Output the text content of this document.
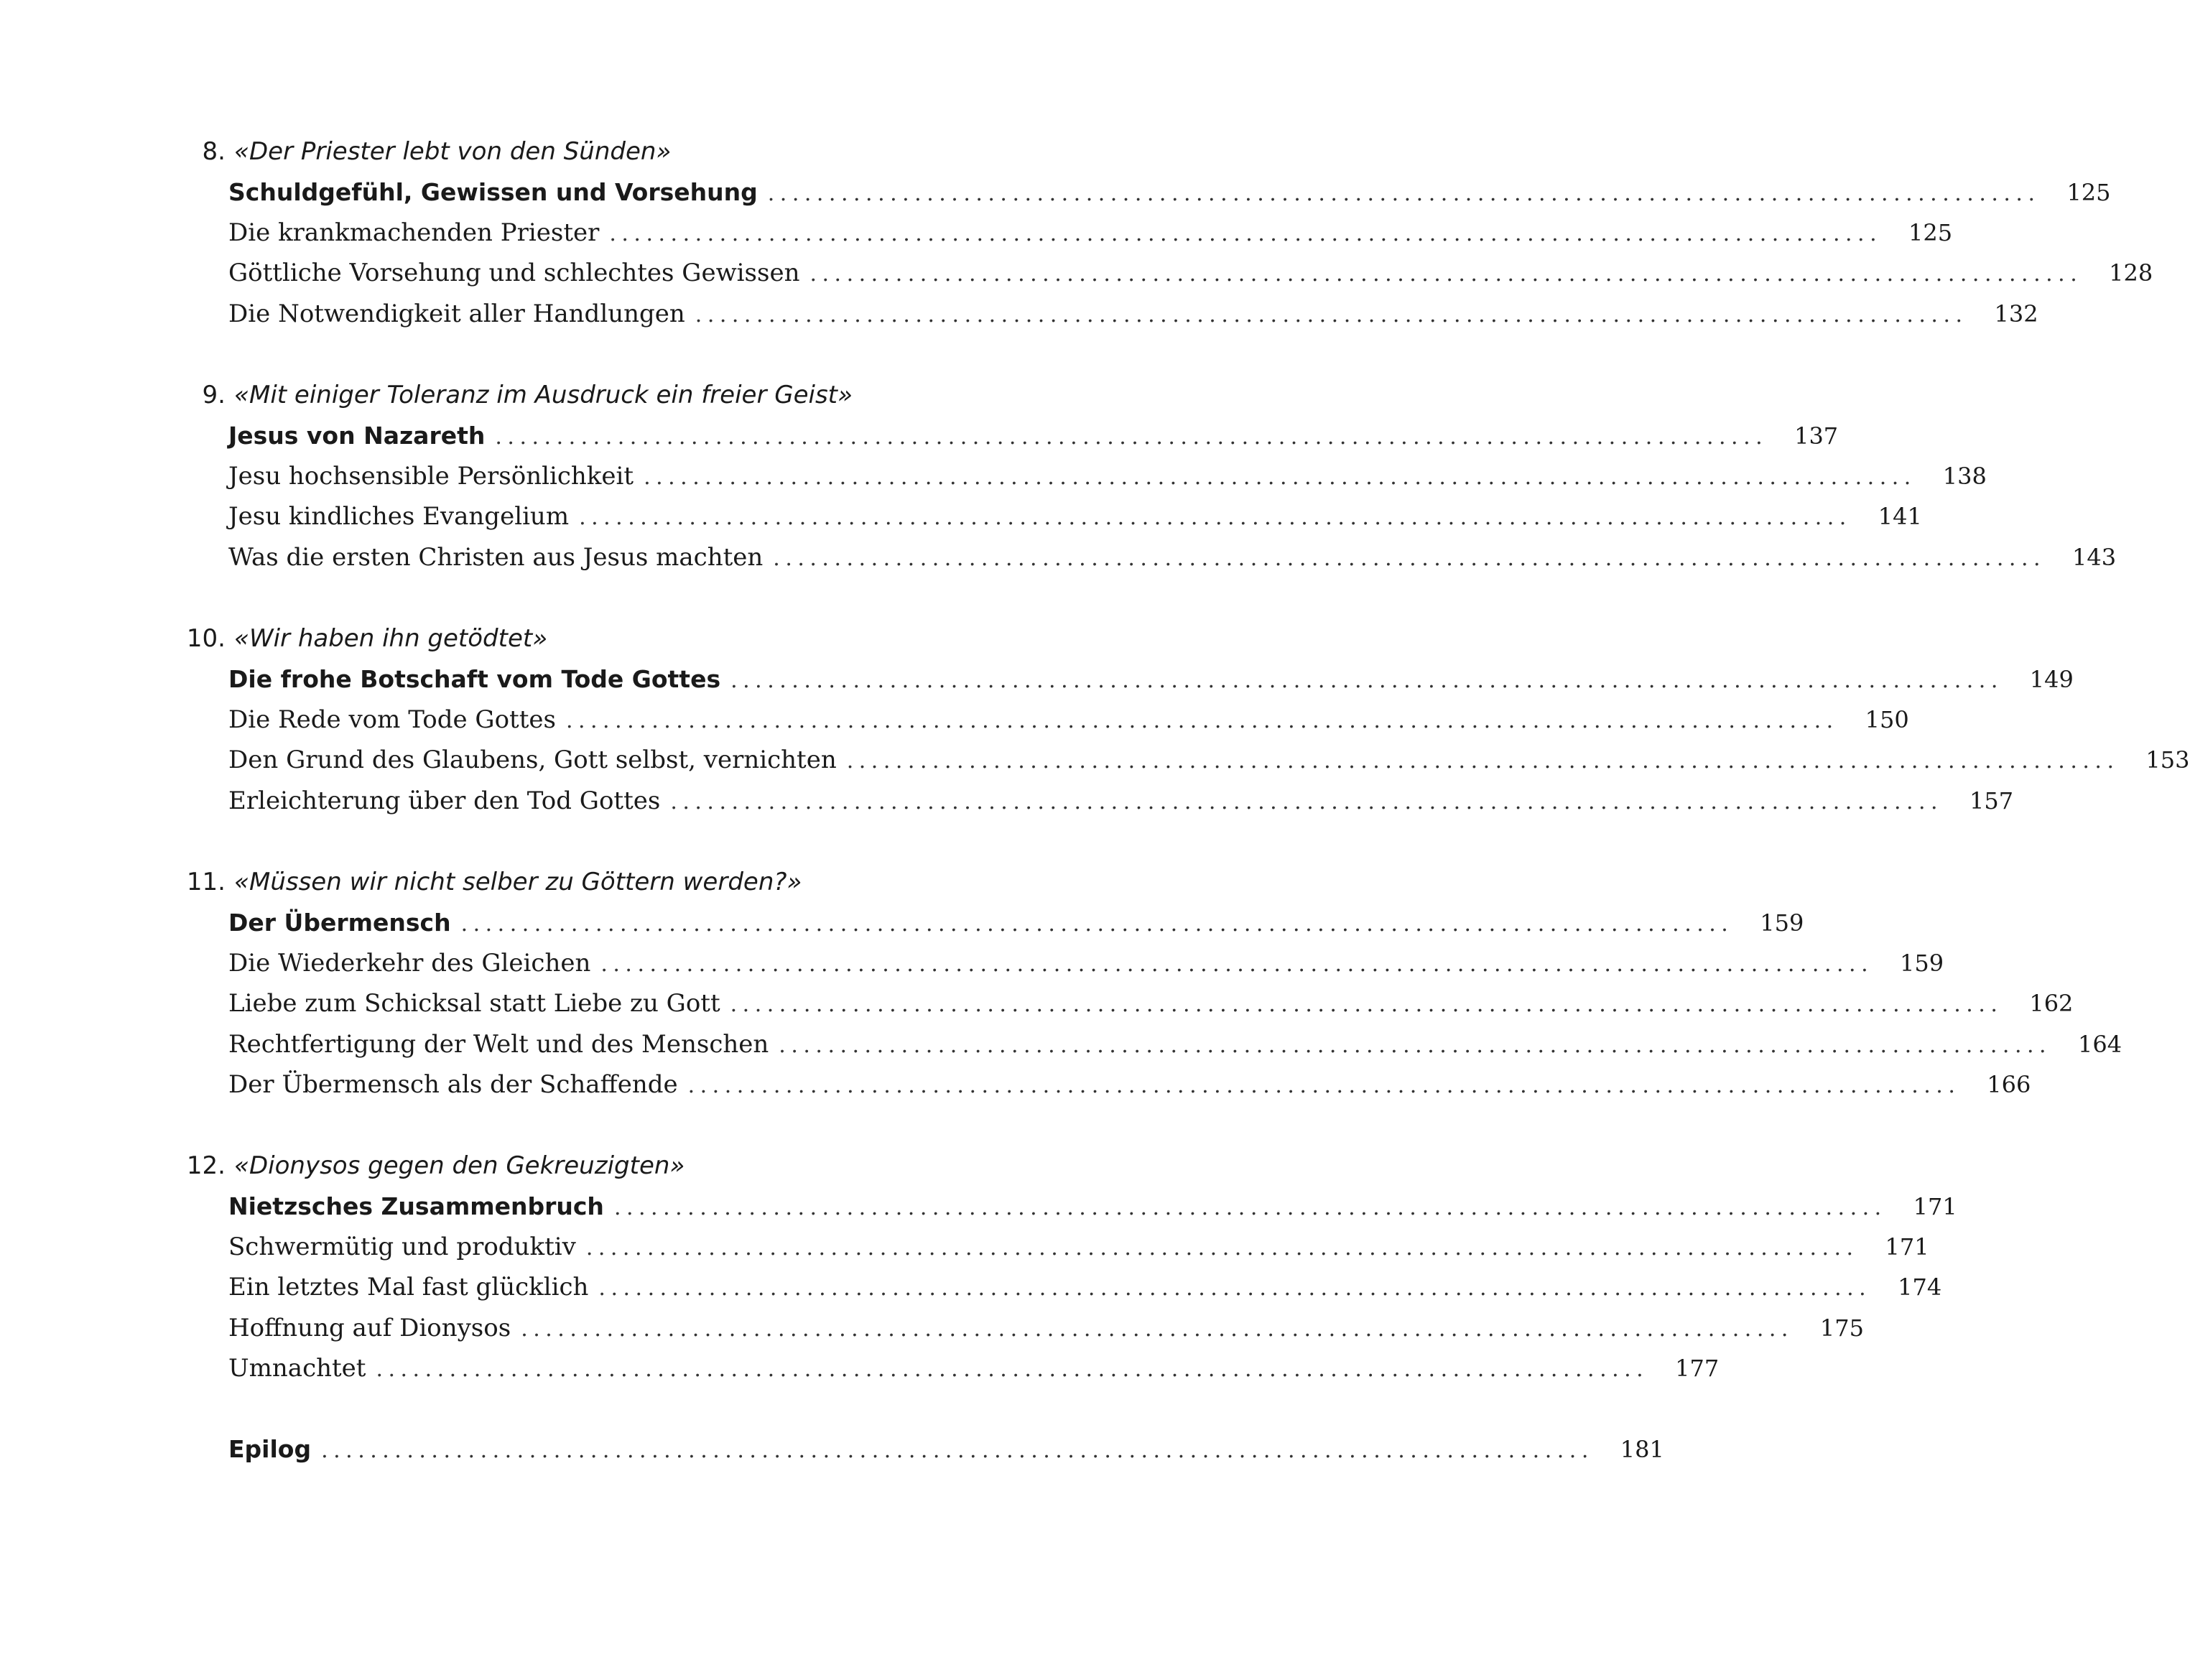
8. «Der Priester lebt von den Sünden»
Schuldgefühl, Gewissen und Vorsehung ........................................................................................................ 125
Die krankmachenden Priester ........................................................................................................ 125
Göttliche Vorsehung und schlechtes Gewissen ........................................................................................................ 128
Die Notwendigkeit aller Handlungen ........................................................................................................ 132
9. «Mit einiger Toleranz im Ausdruck ein freier Geist»
Jesus von Nazareth ........................................................................................................ 137
Jesu hochsensible Persönlichkeit ........................................................................................................ 138
Jesu kindliches Evangelium ........................................................................................................ 141
Was die ersten Christen aus Jesus machten ........................................................................................................ 143
10. «Wir haben ihn getödtet»
Die frohe Botschaft vom Tode Gottes ........................................................................................................ 149
Die Rede vom Tode Gottes ........................................................................................................ 150
Den Grund des Glaubens, Gott selbst, vernichten ........................................................................................................ 153
Erleichterung über den Tod Gottes ........................................................................................................ 157
11. «Müssen wir nicht selber zu Göttern werden?»
Der Übermensch ........................................................................................................ 159
Die Wiederkehr des Gleichen ........................................................................................................ 159
Liebe zum Schicksal statt Liebe zu Gott ........................................................................................................ 162
Rechtfertigung der Welt und des Menschen ........................................................................................................ 164
Der Übermensch als der Schaffende ........................................................................................................ 166
12. «Dionysos gegen den Gekreuzigten»
Nietzsches Zusammenbruch ........................................................................................................ 171
Schwermütig und produktiv ........................................................................................................ 171
Ein letztes Mal fast glücklich ........................................................................................................ 174
Hoffnung auf Dionysos ........................................................................................................ 175
Umnachtet ........................................................................................................ 177
Epilog ........................................................................................................ 181
